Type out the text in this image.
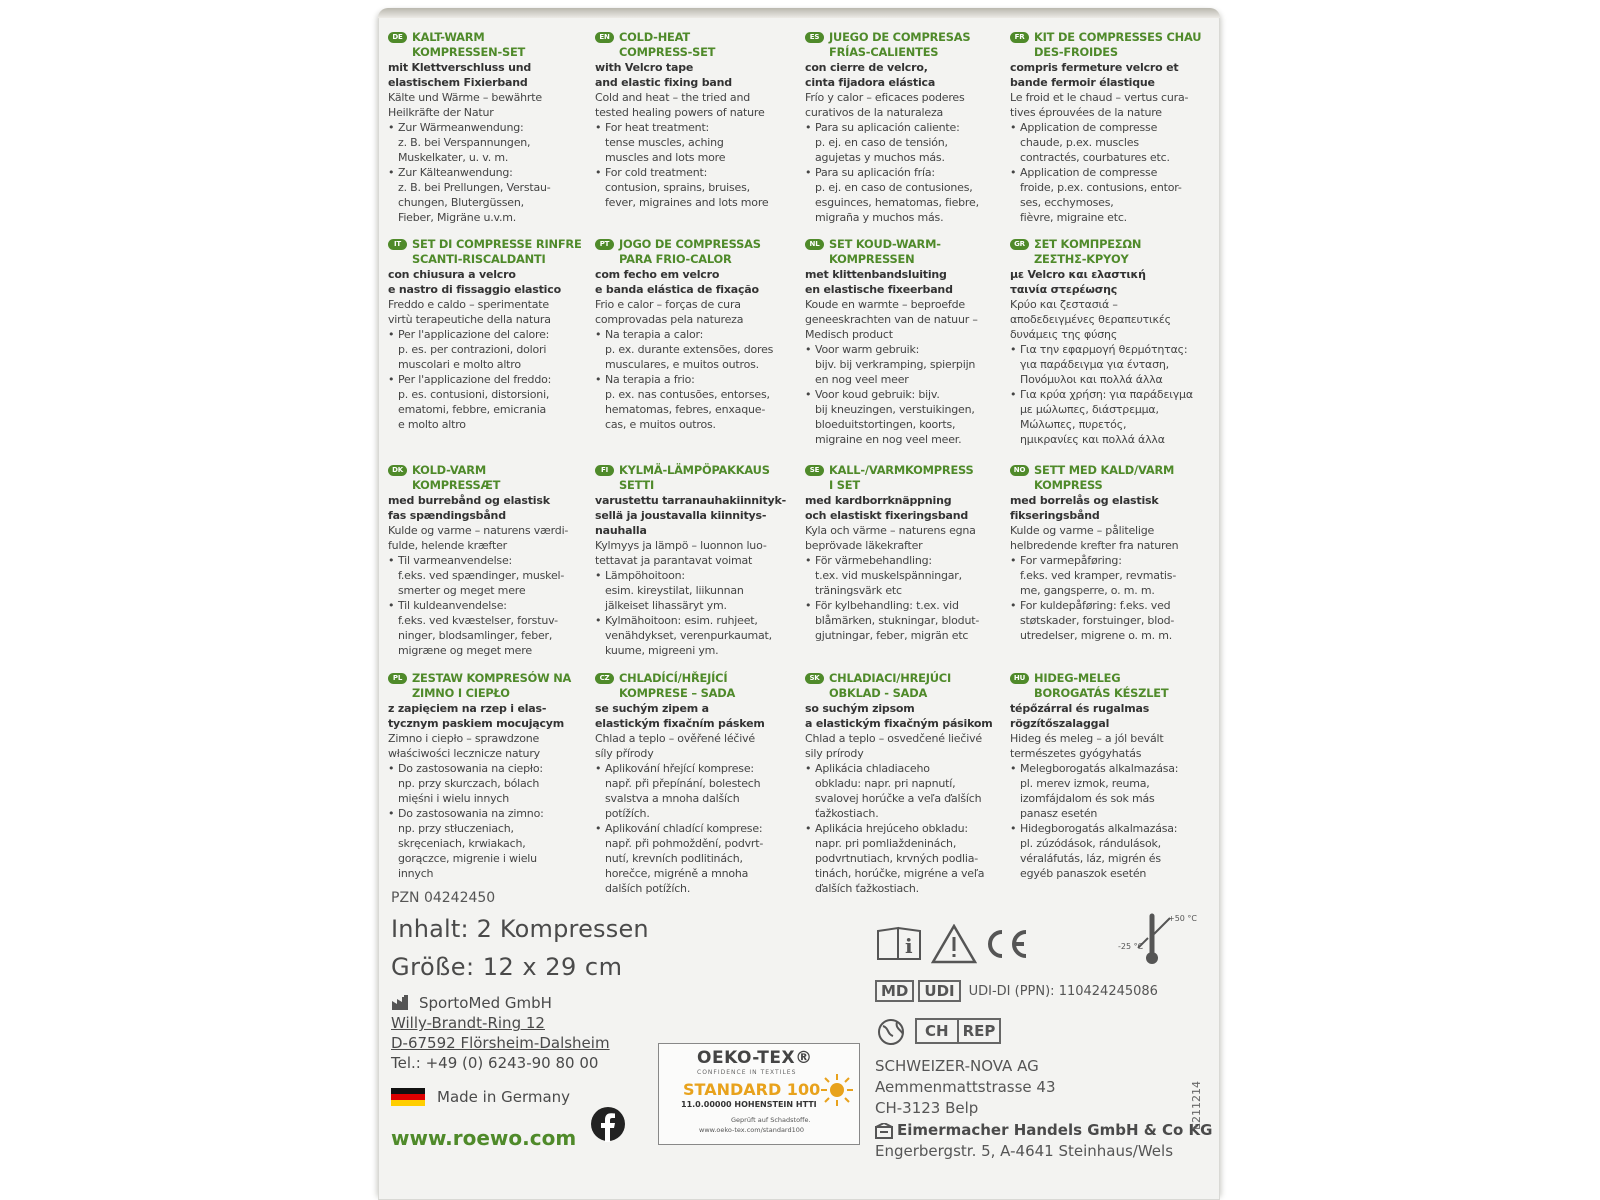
DE KALT-WARM
KOMPRESSEN-SET
mit Klettverschluss und
elastischem Fixierband
Kälte und Wärme – bewährte
Heilkräfte der Natur
• Zur Wärmeanwendung:
z. B. bei Verspannungen,
Muskelkater, u. v. m.
• Zur Kälteanwendung:
z. B. bei Prellungen, Verstau-
chungen, Blutergüssen,
Fieber, Migräne u.v.m.
EN COLD-HEAT
COMPRESS-SET
with Velcro tape
and elastic fixing band
Cold and heat – the tried and
tested healing powers of nature
• For heat treatment:
tense muscles, aching
muscles and lots more
• For cold treatment:
contusion, sprains, bruises,
fever, migraines and lots more
ES JUEGO DE COMPRESAS
FRÍAS-CALIENTES
con cierre de velcro,
cinta fijadora elástica
Frío y calor – eficaces poderes
curativos de la naturaleza
• Para su aplicación caliente:
p. ej. en caso de tensión,
agujetas y muchos más.
• Para su aplicación fría:
p. ej. en caso de contusiones,
esguinces, hematomas, fiebre,
migraña y muchos más.
FR KIT DE COMPRESSES CHAU
DES-FROIDES
compris fermeture velcro et
bande fermoir élastique
Le froid et le chaud – vertus cura-
tives éprouvées de la nature
• Application de compresse
chaude, p.ex. muscles
contractés, courbatures etc.
• Application de compresse
froide, p.ex. contusions, entor-
ses, ecchymoses,
fièvre, migraine etc.
IT SET DI COMPRESSE RINFRE
SCANTI-RISCALDANTI
con chiusura a velcro
e nastro di fissaggio elastico
Freddo e caldo – sperimentate
virtù terapeutiche della natura
• Per l'applicazione del calore:
p. es. per contrazioni, dolori
muscolari e molto altro
• Per l'applicazione del freddo:
p. es. contusioni, distorsioni,
ematomi, febbre, emicrania
e molto altro
PT JOGO DE COMPRESSAS
PARA FRIO-CALOR
com fecho em velcro
e banda elástica de fixação
Frio e calor – forças de cura
comprovadas pela natureza
• Na terapia a calor:
p. ex. durante extensões, dores
musculares, e muitos outros.
• Na terapia a frio:
p. ex. nas contusões, entorses,
hematomas, febres, enxaque-
cas, e muitos outros.
NL SET KOUD-WARM-
KOMPRESSEN
met klittenbandsluiting
en elastische fixeerband
Koude en warmte – beproefde
geneeskrachten van de natuur –
Medisch product
• Voor warm gebruik:
bijv. bij verkramping, spierpijn
en nog veel meer
• Voor koud gebruik: bijv.
bij kneuzingen, verstuikingen,
bloeduitstortingen, koorts,
migraine en nog veel meer.
GR ΣΕΤ ΚΟΜΠΡΕΣΩΝ
ΖΕΣΤΗΣ-ΚΡΥΟΥ
με Velcro και ελαστική
ταινία στερέωσης
Κρύο και ζεστασιά –
αποδεδειγμένες θεραπευτικές
δυνάμεις της φύσης
• Για την εφαρμογή θερμότητας:
για παράδειγμα για ένταση,
Πονόμυλοι και πολλά άλλα
• Για κρύα χρήση: για παράδειγμα
με μώλωπες, διάστρεμμα,
Μώλωπες, πυρετός,
ημικρανίες και πολλά άλλα
DK KOLD-VARM
KOMPRESSÆT
med burrebånd og elastisk
fas spændingsbånd
Kulde og varme – naturens værdi-
fulde, helende kræfter
• Til varmeanvendelse:
f.eks. ved spændinger, muskel-
smerter og meget mere
• Til kuldeanvendelse:
f.eks. ved kvæstelser, forstuv-
ninger, blodsamlinger, feber,
migræne og meget mere
FI KYLMÄ-LÄMPÖPAKKAUS
SETTI
varustettu tarranauhakiinnityk-
sellä ja joustavalla kiinnitys-
nauhalla
Kylmyys ja lämpö – luonnon luo-
tettavat ja parantavat voimat
• Lämpöhoitoon:
esim. kireystilat, liikunnan
jälkeiset lihassäryt ym.
• Kylmähoitoon: esim. ruhjeet,
venähdykset, verenpurkaumat,
kuume, migreeni ym.
SE KALL-/VARMKOMPRESS
I SET
med kardborrknäppning
och elastiskt fixeringsband
Kyla och värme – naturens egna
beprövade läkekrafter
• För värmebehandling:
t.ex. vid muskelspänningar,
träningsvärk etc
• För kylbehandling: t.ex. vid
blåmärken, stukningar, blodut-
gjutningar, feber, migrän etc
NO SETT MED KALD/VARM
KOMPRESS
med borrelås og elastisk
fikseringsbånd
Kulde og varme – pålitelige
helbredende krefter fra naturen
• For varmepåføring:
f.eks. ved kramper, revmatis-
me, gangsperre, o. m. m.
• For kuldepåføring: f.eks. ved
støtskader, forstuinger, blod-
utredelser, migrene o. m. m.
PL ZESTAW KOMPRESÓW NA
ZIMNO I CIEPŁO
z zapięciem na rzep i elas-
tycznym paskiem mocującym
Zimno i ciepło – sprawdzone
właściwości lecznicze natury
• Do zastosowania na ciepło:
np. przy skurczach, bólach
mięśni i wielu innych
• Do zastosowania na zimno:
np. przy stłuczeniach,
skręceniach, krwiakach,
gorączce, migrenie i wielu
innych
CZ CHLADÍCÍ/HŘEJÍCÍ
KOMPRESE – SADA
se suchým zipem a
elastickým fixačním páskem
Chlad a teplo – ověřené léčivé
síly přírody
• Aplikování hřející komprese:
např. při přepínání, bolestech
svalstva a mnoha dalších
potížích.
• Aplikování chladící komprese:
např. při pohmoždění, podvrt-
nutí, krevních podlitinách,
horečce, migréně a mnoha
dalších potížích.
SK CHLADIACI/HREJÚCI
OBKLAD - SADA
so suchým zipsom
a elastickým fixačným pásikom
Chlad a teplo – osvedčené liečivé
sily prírody
• Aplikácia chladiaceho
obkladu: napr. pri napnutí,
svalovej horúčke a veľa ďalších
ťažkostiach.
• Aplikácia hrejúceho obkladu:
napr. pri pomliaždeninách,
podvrtnutiach, krvných podlia-
tinách, horúčke, migréne a veľa
ďalších ťažkostiach.
HU HIDEG-MELEG
BOROGATÁS KÉSZLET
tépőzárral és rugalmas
rögzítőszalaggal
Hideg és meleg – a jól bevált
természetes gyógyhatás
• Melegborogatás alkalmazása:
pl. merev izmok, reuma,
izomfájdalom és sok más
panasz esetén
• Hidegborogatás alkalmazása:
pl. zúzódások, rándulások,
véraláfutás, láz, migrén és
egyéb panaszok esetén
PZN 04242450
Inhalt: 2 Kompressen
Größe: 12 x 29 cm
SportoMed GmbH
Willy-Brandt-Ring 12
D-67592 Flörsheim-Dalsheim
Tel.: +49 (0) 6243-90 80 00
Made in Germany
www.roewo.com
OEKO-TEX®
CONFIDENCE IN TEXTILES
STANDARD 100
11.0.00000 HOHENSTEIN HTTI
Geprüft auf Schadstoffe.
www.oeko-tex.com/standard100
i
+50 °C
-25 °C
MD	UDI	UDI-DI (PPN): 110424245086
CH REP
SCHWEIZER-NOVA AG
Aemmenmattstrasse 43
CH-3123 Belp
Eimermacher Handels GmbH & Co KG
Engerbergstr. 5, A-4641 Steinhaus/Wels
E211214
